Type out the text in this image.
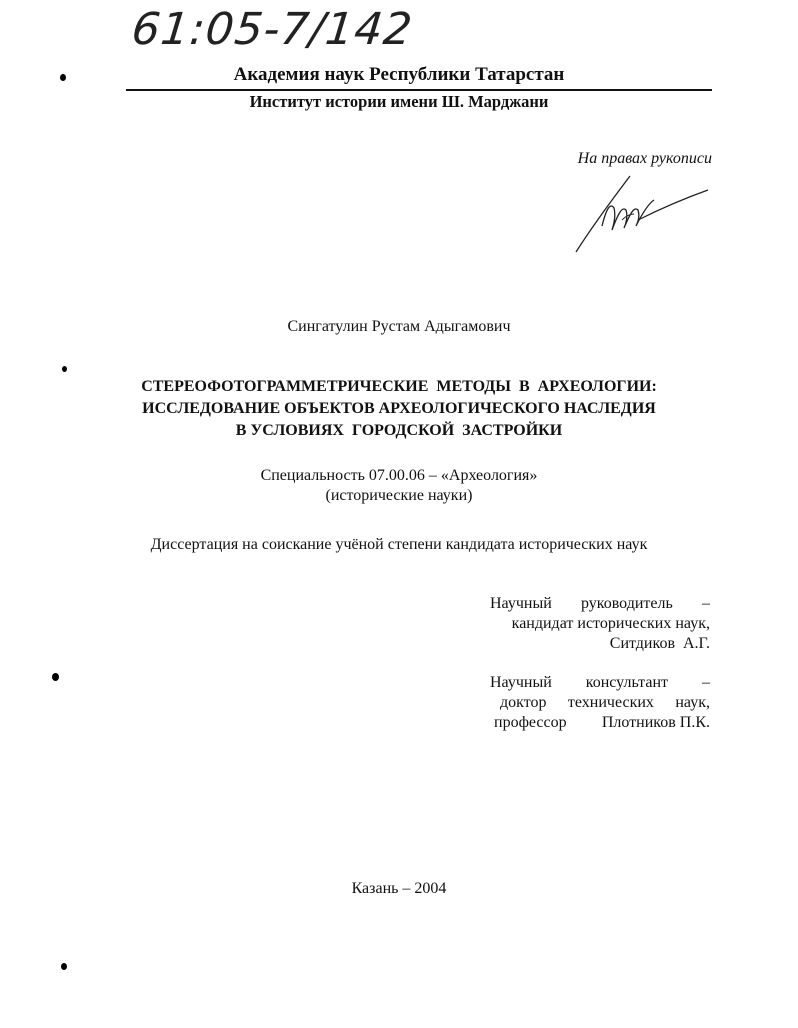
61:05-7/142
Академия наук Республики Татарстан
Институт истории имени Ш. Марджани
На правах рукописи
Сингатулин Рустам Адыгамович
СТЕРЕОФОТОГРАММЕТРИЧЕСКИЕ  МЕТОДЫ  В  АРХЕОЛОГИИ:
ИССЛЕДОВАНИЕ ОБЪЕКТОВ АРХЕОЛОГИЧЕСКОГО НАСЛЕДИЯ
В УСЛОВИЯХ  ГОРОДСКОЙ  ЗАСТРОЙКИ
Специальность 07.00.06 – «Археология»
(исторические науки)
Диссертация на соискание учёной степени кандидата исторических наук
Научный руководитель –
кандидат исторических наук,
Ситдиков  А.Г.
Научный консультант –
доктор технических наук,
профессор Плотников П.К.
Казань – 2004
